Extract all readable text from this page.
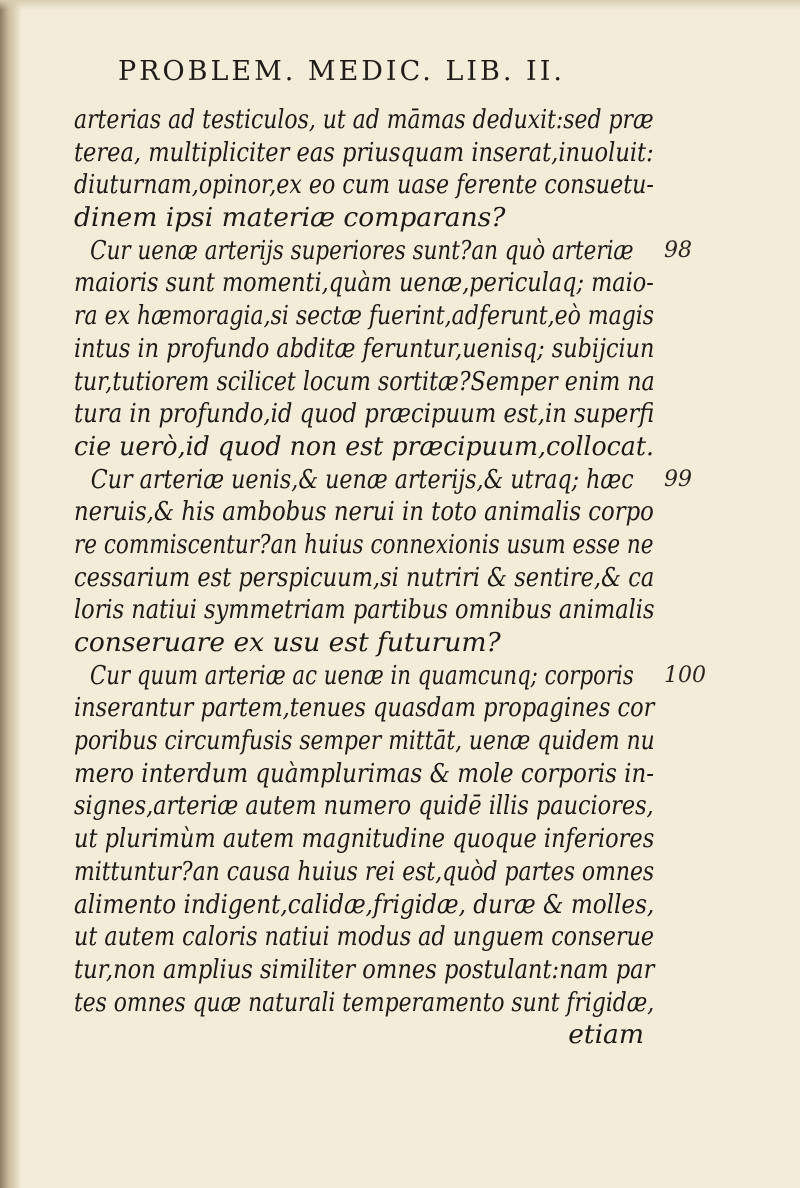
PROBLEM. MEDIC. LIB. II.
arterias ad testiculos, ut ad māmas deduxit:sed præ
terea, multipliciter eas priusquam inserat,inuoluit:
diuturnam,opinor,ex eo cum uase ferente consuetu-
dinem ipsi materiæ comparans?
Cur uenæ arterijs superiores sunt?an quò arteriæ
maioris sunt momenti,quàm uenæ,periculaq; maio-
ra ex hæmoragia,si sectæ fuerint,adferunt,eò magis
intus in profundo abditæ feruntur,uenisq; subijciun
tur,tutiorem scilicet locum sortitæ?Semper enim na
tura in profundo,id quod præcipuum est,in superfi
cie uerò,id quod non est præcipuum,collocat.
Cur arteriæ uenis,& uenæ arterijs,& utraq; hæc
neruis,& his ambobus nerui in toto animalis corpo
re commiscentur?an huius connexionis usum esse ne
cessarium est perspicuum,si nutriri & sentire,& ca
loris natiui symmetriam partibus omnibus animalis
conseruare ex usu est futurum?
Cur quum arteriæ ac uenæ in quamcunq; corporis
inserantur partem,tenues quasdam propagines cor
poribus circumfusis semper mittāt, uenæ quidem nu
mero interdum quàmplurimas & mole corporis in-
signes,arteriæ autem numero quidē illis pauciores,
ut plurimùm autem magnitudine quoque inferiores
mittuntur?an causa huius rei est,quòd partes omnes
alimento indigent,calidæ,frigidæ, duræ & molles,
ut autem caloris natiui modus ad unguem conserue
tur,non amplius similiter omnes postulant:nam par
tes omnes quæ naturali temperamento sunt frigidæ,
etiam
98
99
100
